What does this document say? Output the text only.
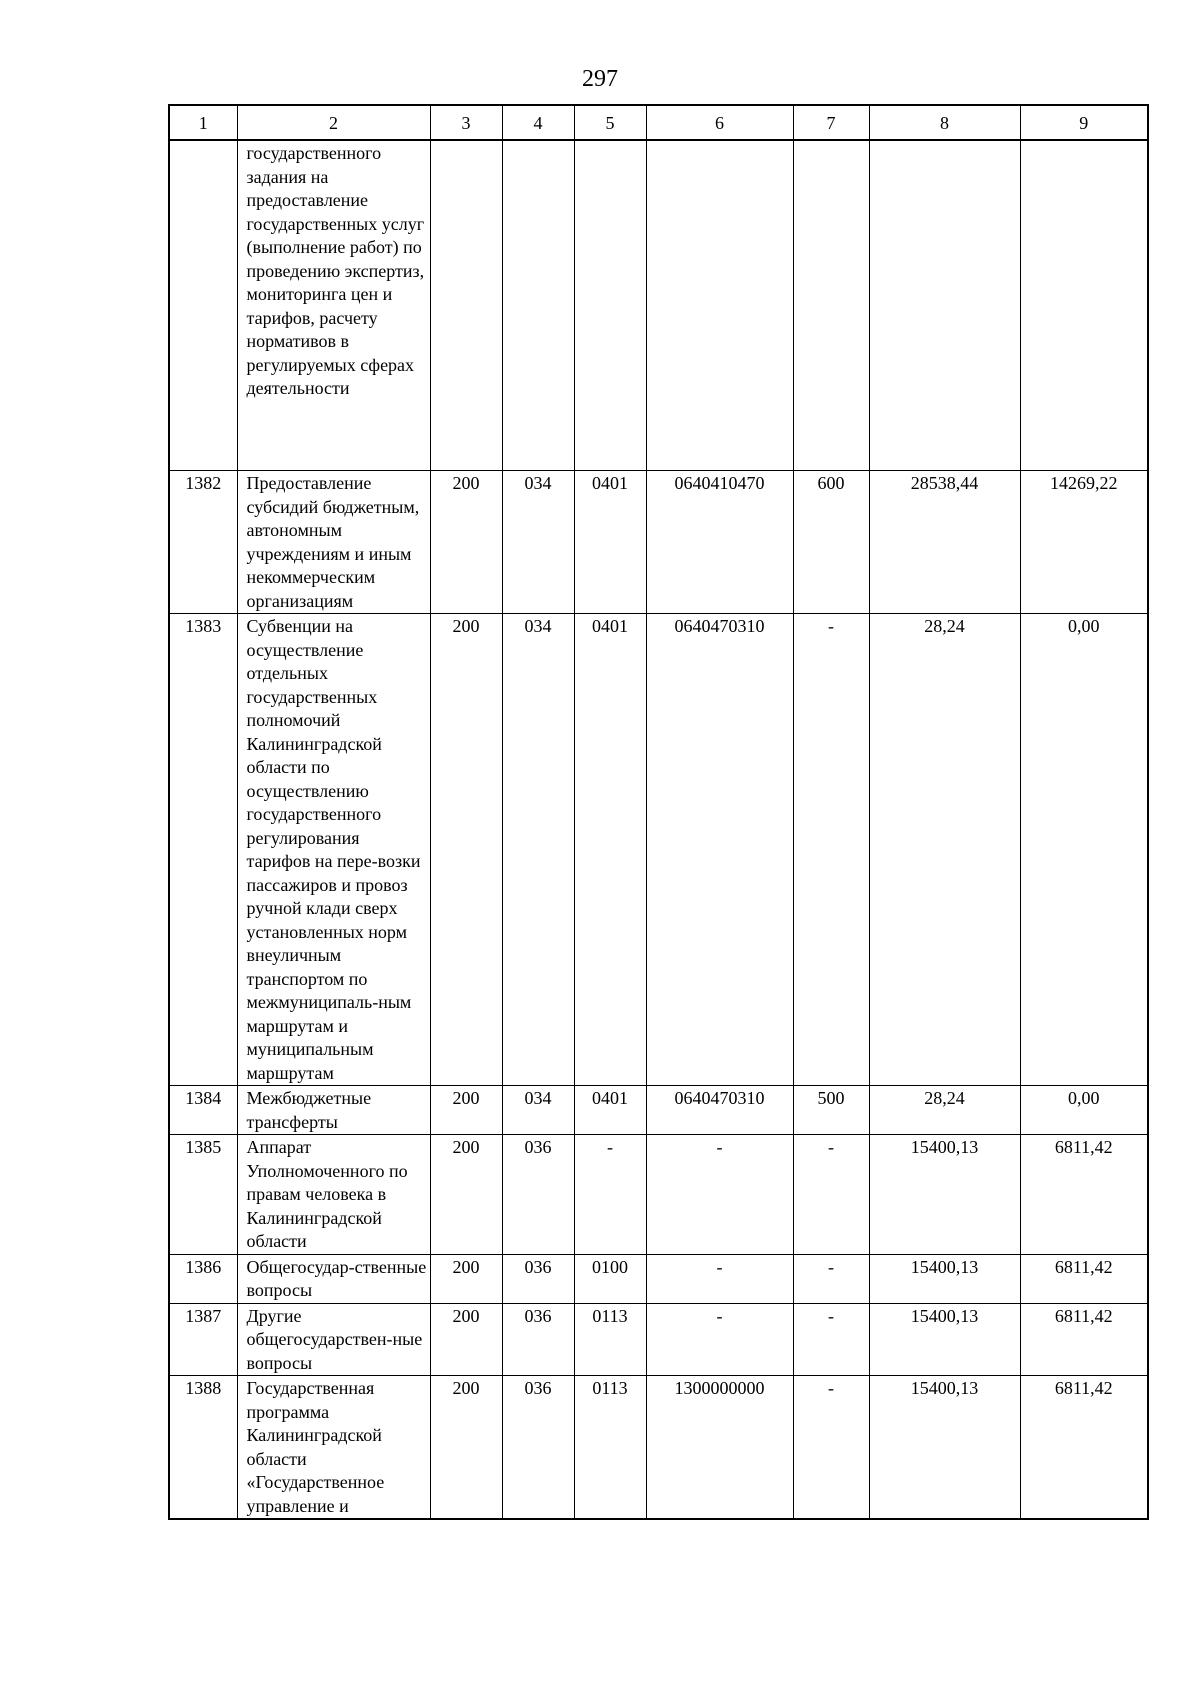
297
1	2	3	4	5	6	7	8	9
	государственного задания на предоставление государственных услуг (выполнение работ) по проведению экспертиз, мониторинга цен и тарифов, расчету нормативов в регулируемых сферах деятельности							
1382	Предоставление субсидий бюджетным, автономным учреждениям и иным некоммерческим организациям	200	034	0401	0640410470	600	28538,44	14269,22
1383	Субвенции на осуществление отдельных государственных полномочий Калининградской области по осуществлению государственного регулирования тарифов на пере-возки пассажиров и провоз ручной клади сверх установленных норм внеуличным транспортом по межмуниципаль-ным маршрутам и муниципальным маршрутам	200	034	0401	0640470310	-	28,24	0,00
1384	Межбюджетные трансферты	200	034	0401	0640470310	500	28,24	0,00
1385	Аппарат Уполномоченного по правам человека в Калининградской области	200	036	-	-	-	15400,13	6811,42
1386	Общегосудар-ственные вопросы	200	036	0100	-	-	15400,13	6811,42
1387	Другие общегосударствен-ные вопросы	200	036	0113	-	-	15400,13	6811,42
1388	Государственная программа Калининградской области «Государственное управление и	200	036	0113	1300000000	-	15400,13	6811,42
